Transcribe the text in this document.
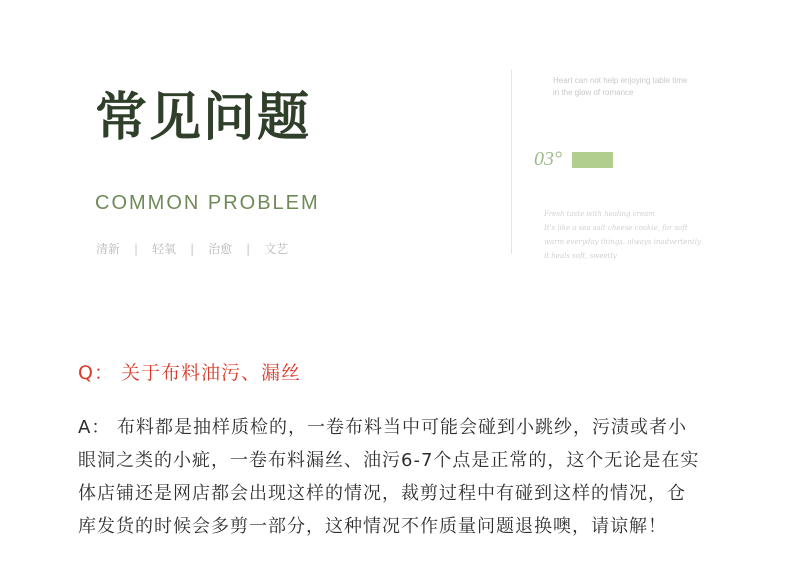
常见问题
COMMON PROBLEM
清新 | 轻氧 | 治愈 | 文艺
Heart can not help enjoying table time
in the glow of romance
03°
Fresh taste with healing cream
It's like a sea salt cheese cookie, for soft
warm everyday things, always inadvertently
it heals soft, sweetly
Q： 关于布料油污、漏丝
A： 布料都是抽样质检的，一卷布料当中可能会碰到小跳纱，污渍或者小
眼洞之类的小疵，一卷布料漏丝、油污6-7个点是正常的，这个无论是在实
体店铺还是网店都会出现这样的情况，裁剪过程中有碰到这样的情况，仓
库发货的时候会多剪一部分，这种情况不作质量问题退换噢，请谅解！
